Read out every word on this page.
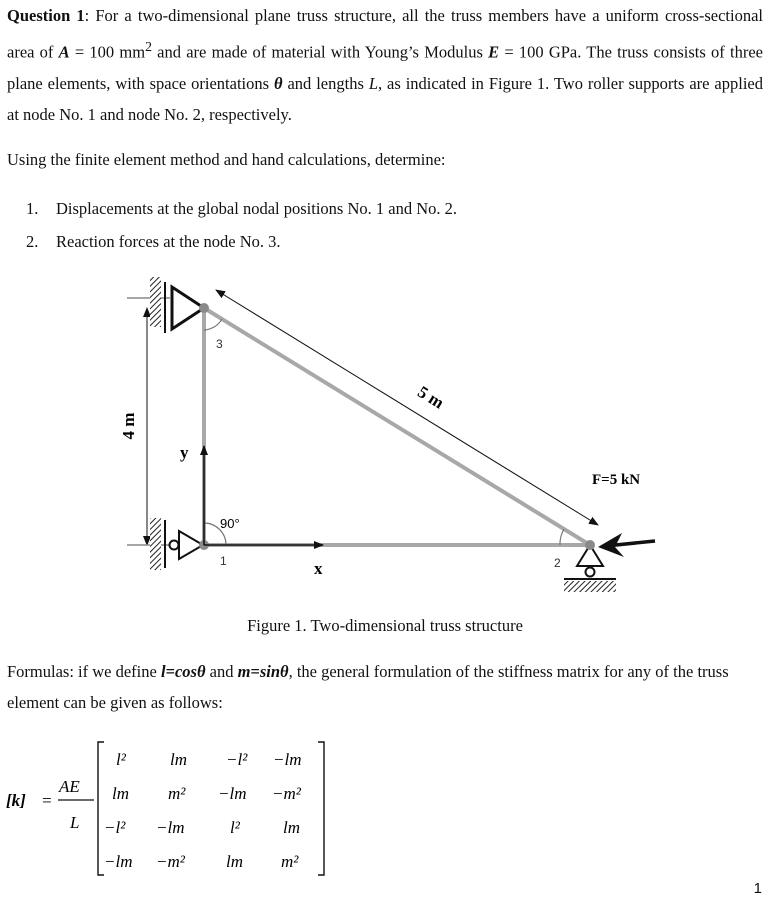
Question 1: For a two-dimensional plane truss structure, all the truss members have a uniform cross-sectional area of A = 100 $mm^2$ and are made of material with Young’s Modulus E = 100 GPa. The truss consists of three plane elements, with space orientations θ and lengths L, as indicated in Figure 1. Two roller supports are applied at node No. 1 and node No. 2, respectively.

Using the finite element method and hand calculations, determine:

1. Displacements at the global nodal positions No. 1 and No. 2.
2. Reaction forces at the node No. 3.
4 m
5 m
y
x
90°
3
1	2
F=5 kN
[k] =
AE
L
l²	lm −l² −lm
lm m² −lm −m²
−l² −lm	l²	lm
−lm −m² lm m²
Figure 1. Two-dimensional truss structure

Formulas: if we define l=cosθ and m=sinθ, the general formulation of the stiffness matrix for any of the truss element can be given as follows:

1
